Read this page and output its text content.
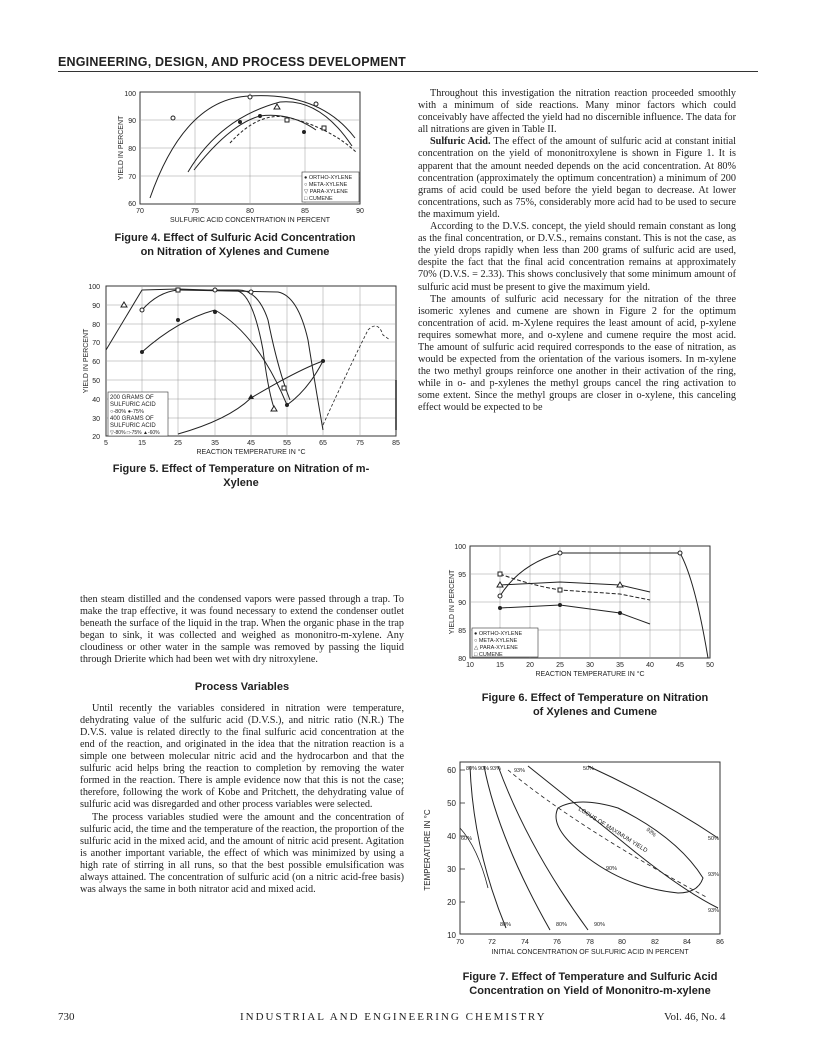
ENGINEERING, DESIGN, AND PROCESS DEVELOPMENT
100
90
80
70
60
70	75	80	85	90
SULFURIC ACID CONCENTRATION IN PERCENT
YIELD IN PERCENT	● ORTHO-XYLENE
○ META-XYLENE
▽ PARA-XYLENE
□ CUMENE
Figure 4. Effect of Sulfuric Acid Concentration
on Nitration of Xylenes and Cumene
100
90
80
70
60
50
40
30
20
5	15	25	35	45	55	65	75	85
REACTION TEMPERATURE IN °C
YIELD IN PERCENT
200 GRAMS OF
SULFURIC ACID
○-80% ●-75%
400 GRAMS OF
SULFURIC ACID
▽-80% □-75% ▲-60%
Figure 5. Effect of Temperature on Nitration of m-
Xylene

then steam distilled and the condensed vapors were passed through a trap. To make the trap effective, it was found necessary to extend the condenser outlet beneath the surface of the liquid in the trap. When the organic phase in the trap began to sink, it was collected and weighed as mononitro-m-xylene. Any cloudiness or other water in the sample was removed by passing the liquid through Drierite which had been wet with dry nitroxylene.

Process Variables

Until recently the variables considered in nitration were temperature, dehydrating value of the sulfuric acid (D.V.S.), and nitric ratio (N.R.) The D.V.S. value is related directly to the final sulfuric acid concentration at the end of the reaction, and originated in the idea that the nitration reaction is a simple one between molecular nitric acid and the hydrocarbon and that the sulfuric acid helps bring the reaction to completion by removing the water formed in the reaction. There is ample evidence now that this is not the case; therefore, following the work of Kobe and Pritchett, the dehydrating value of sulfuric acid was disregarded and other process variables were selected.

The process variables studied were the amount and the concentration of sulfuric acid, the time and the temperature of the reaction, the proportion of the sulfuric acid in the mixed acid, and the amount of nitric acid present. Agitation is another important variable, the effect of which was minimized by using a high rate of stirring in all runs, so that the best possible emulsification was always attained. The concentration of sulfuric acid (on a nitric acid-free basis) was always the same in both nitrator acid and mixed acid.

Throughout this investigation the nitration reaction proceeded smoothly with a minimum of side reactions. Many minor factors which could conceivably have affected the yield had no discernible influence. The data for all nitrations are given in Table II.

Sulfuric Acid. The effect of the amount of sulfuric acid at constant initial concentration on the yield of mononitroxylene is shown in Figure 1. It is apparent that the amount needed depends on the acid concentration. At 80% concentration (approximately the optimum concentration) a minimum of 200 grams of acid could be used before the yield began to decrease. At lower concentrations, such as 75%, considerably more acid had to be used to secure the maximum yield.

According to the D.V.S. concept, the yield should remain constant as long as the final concentration, or D.V.S., remains constant. This is not the case, as the yield drops rapidly when less than 200 grams of sulfuric acid are used, despite the fact that the final acid concentration remains at approximately 70% (D.V.S. = 2.33). This shows conclusively that some minimum amount of sulfuric acid must be present to give the maximum yield.

The amounts of sulfuric acid necessary for the nitration of the three isomeric xylenes and cumene are shown in Figure 2 for the optimum concentration of acid. m-Xylene requires the least amount of acid, p-xylene requires somewhat more, and o-xylene and cumene require the most acid. The amount of sulfuric acid required corresponds to the ease of nitration, as would be expected from the orientation of the various isomers. In m-xylene the two methyl groups reinforce one another in their activation of the ring, while in o- and p-xylenes the methyl groups cancel the ring activation to some extent. Since the methyl groups are closer in o-xylene, this canceling effect would be expected to be

100
95
90
85
80
10	15	20	25	30	35	40	45	50
REACTION TEMPERATURE IN °C
YIELD IN PERCENT	● ORTHO-XYLENE
○ META-XYLENE
△ PARA-XYLENE
□ CUMENE
Figure 6. Effect of Temperature on Nitration
of Xylenes and Cumene
60
50
40
30
20
10
70	72	74	76	78	80	82	84	86
INITIAL CONCENTRATION OF SULFURIC ACID IN PERCENT
TEMPERATURE IN °C
80% 90% 93% 93%	50%
60%	50%
93%
93%
80%	80%	90%
93%
LOCUS OF MAXIMUM YIELD
90%
Figure 7. Effect of Temperature and Sulfuric Acid
Concentration on Yield of Mononitro-m-xylene
730	INDUSTRIAL AND ENGINEERING CHEMISTRY	Vol. 46, No. 4
